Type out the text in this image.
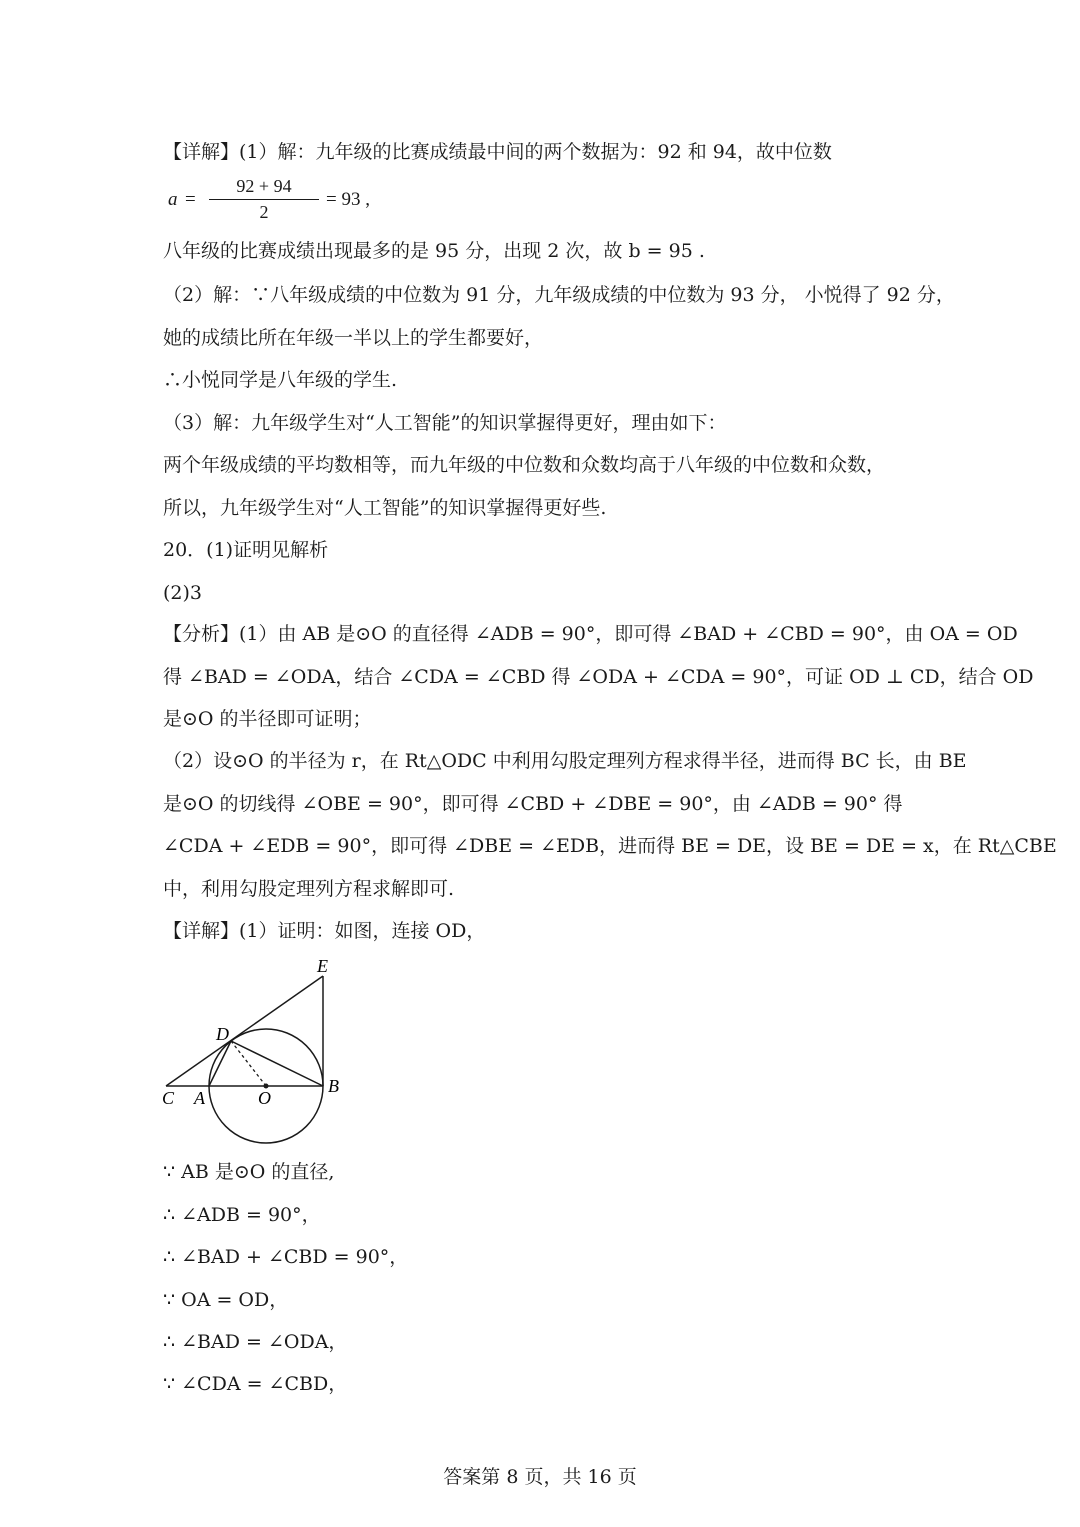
【详解】(1）解：九年级的比赛成绩最中间的两个数据为：92 和 94，故中位数
a =
92 + 94
2
= 93 ,
八年级的比赛成绩出现最多的是 95 分，出现 2 次，故 b = 95 .
（2）解：∵八年级成绩的中位数为 91 分，九年级成绩的中位数为 93 分， 小悦得了 92 分，
她的成绩比所在年级一半以上的学生都要好，
∴小悦同学是八年级的学生.
（3）解：九年级学生对“人工智能”的知识掌握得更好，理由如下：
两个年级成绩的平均数相等，而九年级的中位数和众数均高于八年级的中位数和众数，
所以，九年级学生对“人工智能”的知识掌握得更好些.
20．(1)证明见解析
(2)3
【分析】(1）由 AB 是⊙O 的直径得 ∠ADB = 90°，即可得 ∠BAD + ∠CBD = 90°，由 OA = OD
得 ∠BAD = ∠ODA，结合 ∠CDA = ∠CBD 得 ∠ODA + ∠CDA = 90°，可证 OD ⊥ CD，结合 OD
是⊙O 的半径即可证明；
（2）设⊙O 的半径为 r，在 Rt△ODC 中利用勾股定理列方程求得半径，进而得 BC 长，由 BE
是⊙O 的切线得 ∠OBE = 90°，即可得 ∠CBD + ∠DBE = 90°，由 ∠ADB = 90° 得
∠CDA + ∠EDB = 90°，即可得 ∠DBE = ∠EDB，进而得 BE = DE，设 BE = DE = x，在 Rt△CBE
中，利用勾股定理列方程求解即可.
【详解】(1）证明：如图，连接 OD，
E
D
C A	O
B
∵ AB 是⊙O 的直径,
∴ ∠ADB = 90°，
∴ ∠BAD + ∠CBD = 90°，
∵ OA = OD，
∴ ∠BAD = ∠ODA，
∵ ∠CDA = ∠CBD，
答案第 8 页，共 16 页
